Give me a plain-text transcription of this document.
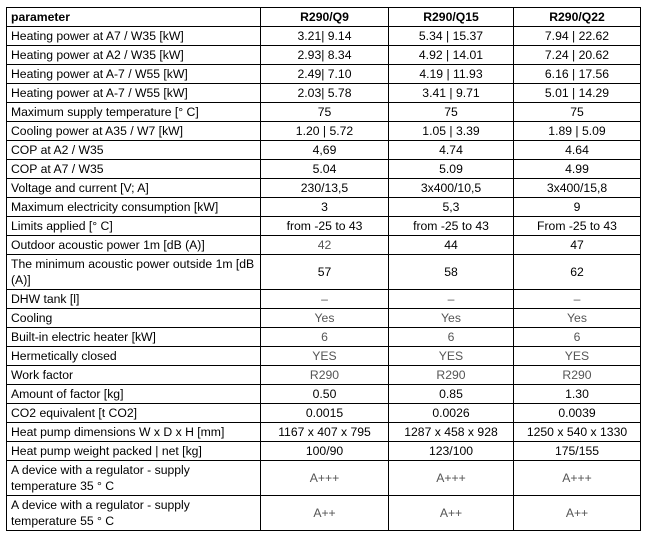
parameter	R290/Q9	R290/Q15	R290/Q22
Heating power at A7 / W35 [kW]	3.21| 9.14	5.34 | 15.37	7.94 | 22.62
Heating power at A2 / W35 [kW]	2.93| 8.34	4.92 | 14.01	7.24 | 20.62
Heating power at A-7 / W55 [kW]	2.49| 7.10	4.19 | 11.93	6.16 | 17.56
Heating power at A-7 / W55 [kW]	2.03| 5.78	3.41 | 9.71	5.01 | 14.29
Maximum supply temperature [° C]	75	75	75
Cooling power at A35 / W7 [kW]	1.20 | 5.72	1.05 | 3.39	1.89 | 5.09
COP at A2 / W35	4,69	4.74	4.64
COP at A7 / W35	5.04	5.09	4.99
Voltage and current [V; A]	230/13,5	3x400/10,5	3x400/15,8
Maximum electricity consumption [kW]	3	5,3	9
Limits applied [° C]	from -25 to 43	from -25 to 43	From -25 to 43
Outdoor acoustic power 1m [dB (A)]	42	44	47
The minimum acoustic power outside 1m [dB (A)]	57	58	62
DHW tank [l]	–	–	–
Cooling	Yes	Yes	Yes
Built-in electric heater [kW]	6	6	6
Hermetically closed	YES	YES	YES
Work factor	R290	R290	R290
Amount of factor [kg]	0.50	0.85	1.30
CO2 equivalent [t CO2]	0.0015	0.0026	0.0039
Heat pump dimensions W x D x H [mm]	1167 x 407 x 795	1287 x 458 x 928	1250 x 540 x 1330
Heat pump weight packed | net [kg]	100/90	123/100	175/155
A device with a regulator - supply temperature 35 ° C	A+++	A+++	A+++
A device with a regulator - supply temperature 55 ° C	A++	A++	A++
